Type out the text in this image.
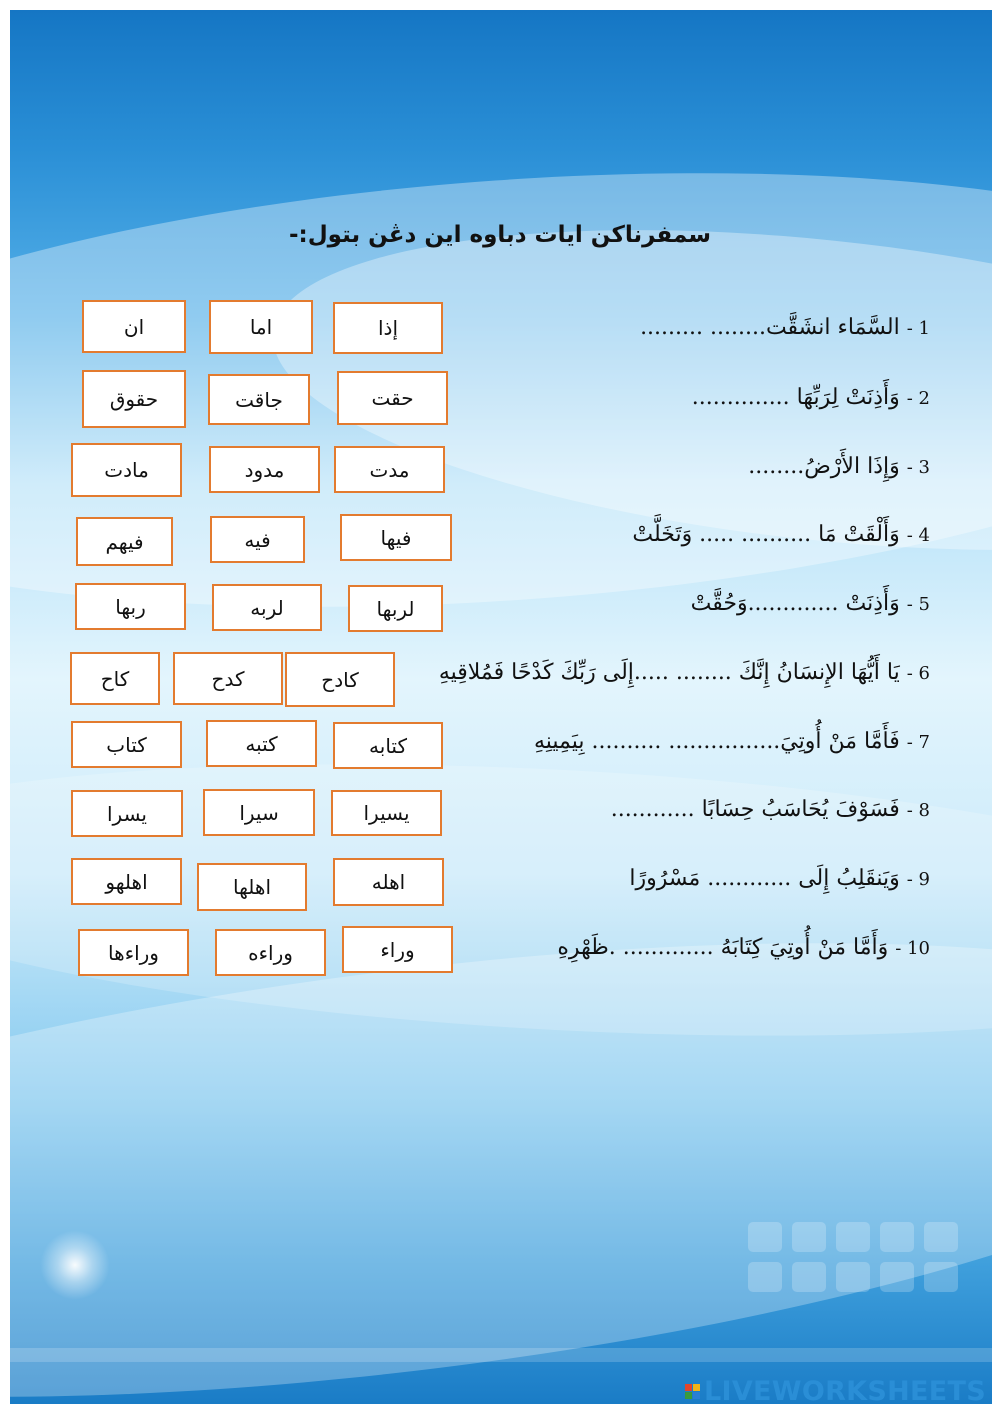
سمفرناكن ايات دباوه اين دڠن بتول:-
1 - السَّمَاء انشَقَّت........ .........
2 - وَأَذِنَتْ لِرَبِّهَا ..............
3 - وَإِذَا الأَرْضُ........
4 - وَأَلْقَتْ مَا .......... ..... وَتَخَلَّتْ
5 - وَأَذِنَتْ .............وَحُقَّتْ
6 - يَا أَيُّهَا الإِنسَانُ إِنَّكَ ........ .....إِلَى رَبِّكَ كَدْحًا فَمُلاقِيهِ
7 - فَأَمَّا مَنْ أُوتِيَ................ .......... بِيَمِينِهِ
8 - فَسَوْفَ يُحَاسَبُ حِسَابًا ............
9 - وَيَنقَلِبُ إِلَى ............ مَسْرُورًا
10 - وَأَمَّا مَنْ أُوتِيَ كِتَابَهُ ............. .ظَهْرِهِ
إذا
اما
ان
حقت
جاقت
حقوق
مدت
مدود
مادت
فيها
فيه
فيهم
لربها
لربه
ربها
كادح
كدح
كاح
كتابه
كتبه
كتاب
يسيرا
سيرا
يسرا
اهله
اهلها
اهلهو
وراء
وراءه
وراءها
LIVEWORKSHEETS
